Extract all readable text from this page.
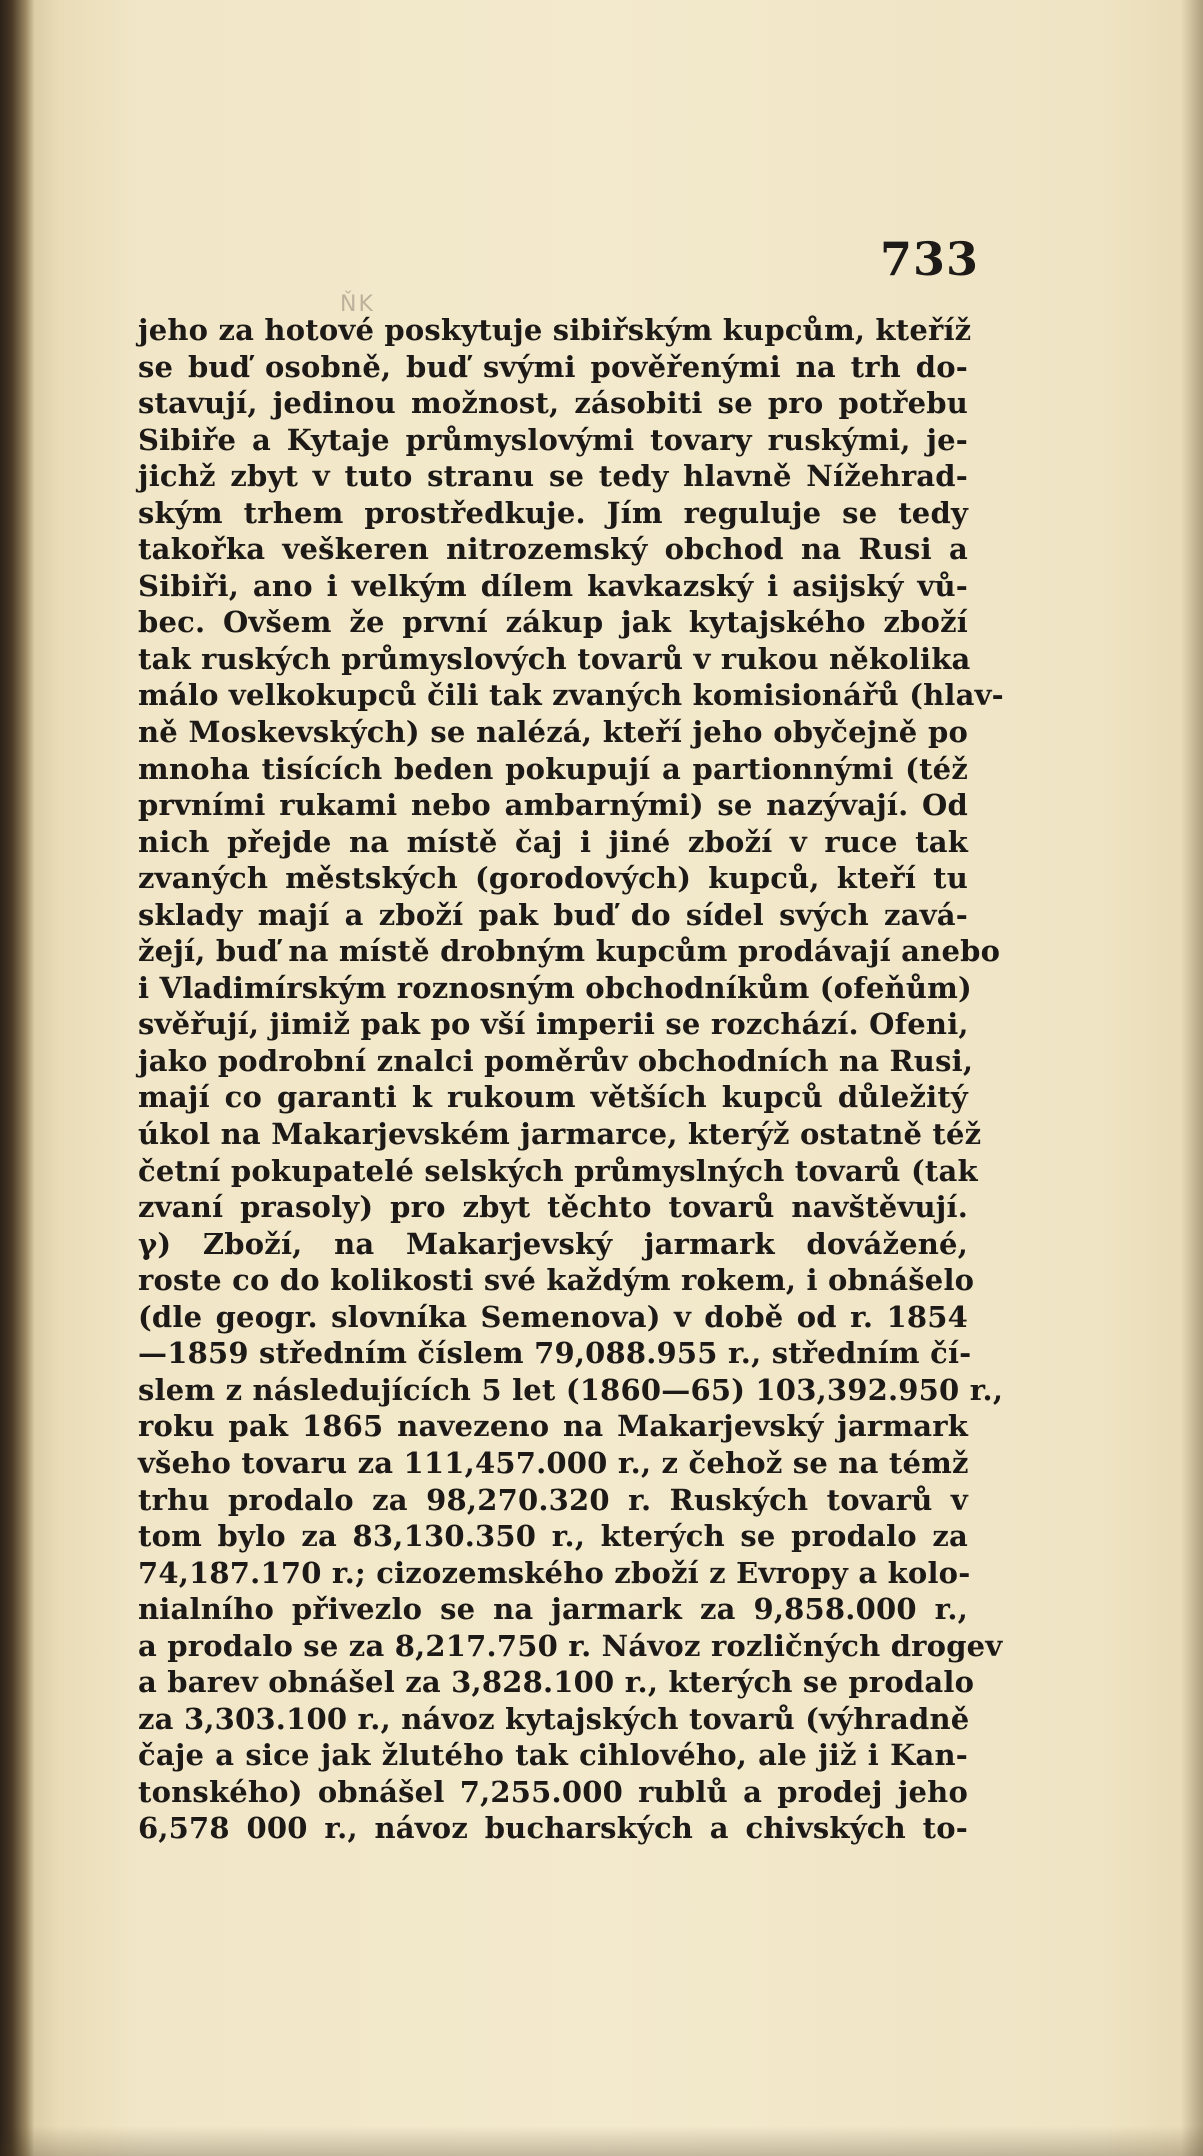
ŇK
733
jeho za hotové poskytuje sibiřským kupcům, kteříž
se buď osobně, buď svými pověřenými na trh do-
stavují, jedinou možnost, zásobiti se pro potřebu
Sibiře a Kytaje průmyslovými tovary ruskými, je-
jichž zbyt v tuto stranu se tedy hlavně Nížehrad-
ským trhem prostředkuje. Jím reguluje se tedy
takořka veškeren nitrozemský obchod na Rusi a
Sibiři, ano i velkým dílem kavkazský i asijský vů-
bec. Ovšem že první zákup jak kytajského zboží
tak ruských průmyslových tovarů v rukou několika
málo velkokupců čili tak zvaných komisionářů (hlav-
ně Moskevských) se nalézá, kteří jeho obyčejně po
mnoha tisících beden pokupují a partionnými (též
prvními rukami nebo ambarnými) se nazývají. Od
nich přejde na místě čaj i jiné zboží v ruce tak
zvaných městských (gorodových) kupců, kteří tu
sklady mají a zboží pak buď do sídel svých zavá-
žejí, buď na místě drobným kupcům prodávají anebo
i Vladimírským roznosným obchodníkům (ofeňům)
svěřují, jimiž pak po vší imperii se rozchází. Ofeni,
jako podrobní znalci poměrův obchodních na Rusi,
mají co garanti k rukoum větších kupců důležitý
úkol na Makarjevském jarmarce, kterýž ostatně též
četní pokupatelé selských průmyslných tovarů (tak
zvaní prasoly) pro zbyt těchto tovarů navštěvují.
γ) Zboží, na Makarjevský jarmark dovážené,
roste co do kolikosti své každým rokem, i obnášelo
(dle geogr. slovníka Semenova) v době od r. 1854
—1859 středním číslem 79,088.955 r., středním čí-
slem z následujících 5 let (1860—65) 103,392.950 r.,
roku pak 1865 navezeno na Makarjevský jarmark
všeho tovaru za 111,457.000 r., z čehož se na témž
trhu prodalo za 98,270.320 r. Ruských tovarů v
tom bylo za 83,130.350 r., kterých se prodalo za
74,187.170 r.; cizozemského zboží z Evropy a kolo-
nialního přivezlo se na jarmark za 9,858.000 r.,
a prodalo se za 8,217.750 r. Návoz rozličných drogev
a barev obnášel za 3,828.100 r., kterých se prodalo
za 3,303.100 r., návoz kytajských tovarů (výhradně
čaje a sice jak žlutého tak cihlového, ale již i Kan-
tonského) obnášel 7,255.000 rublů a prodej jeho
6,578 000 r., návoz bucharských a chivských to-
